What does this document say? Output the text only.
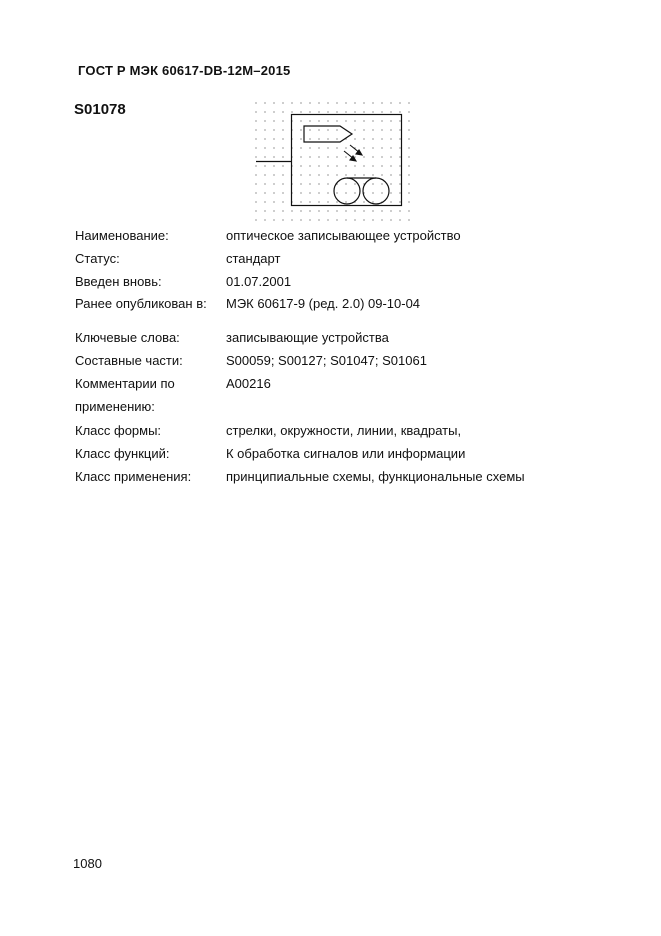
ГОСТ Р МЭК 60617-DB-12M–2015
S01078
Наименование:	оптическое записывающее устройство
Статус:	стандарт
Введен вновь:	01.07.2001
Ранее опубликован в: МЭК 60617-9 (ред. 2.0) 09-10-04
Ключевые слова:	записывающие устройства
Составные части:	S00059; S00127; S01047; S01061
Комментарии по	A00216
применению:
Класс формы:	стрелки, окружности, линии, квадраты,
Класс функций:	К обработка сигналов или информации
Класс применения:	принципиальные схемы, функциональные схемы
1080
